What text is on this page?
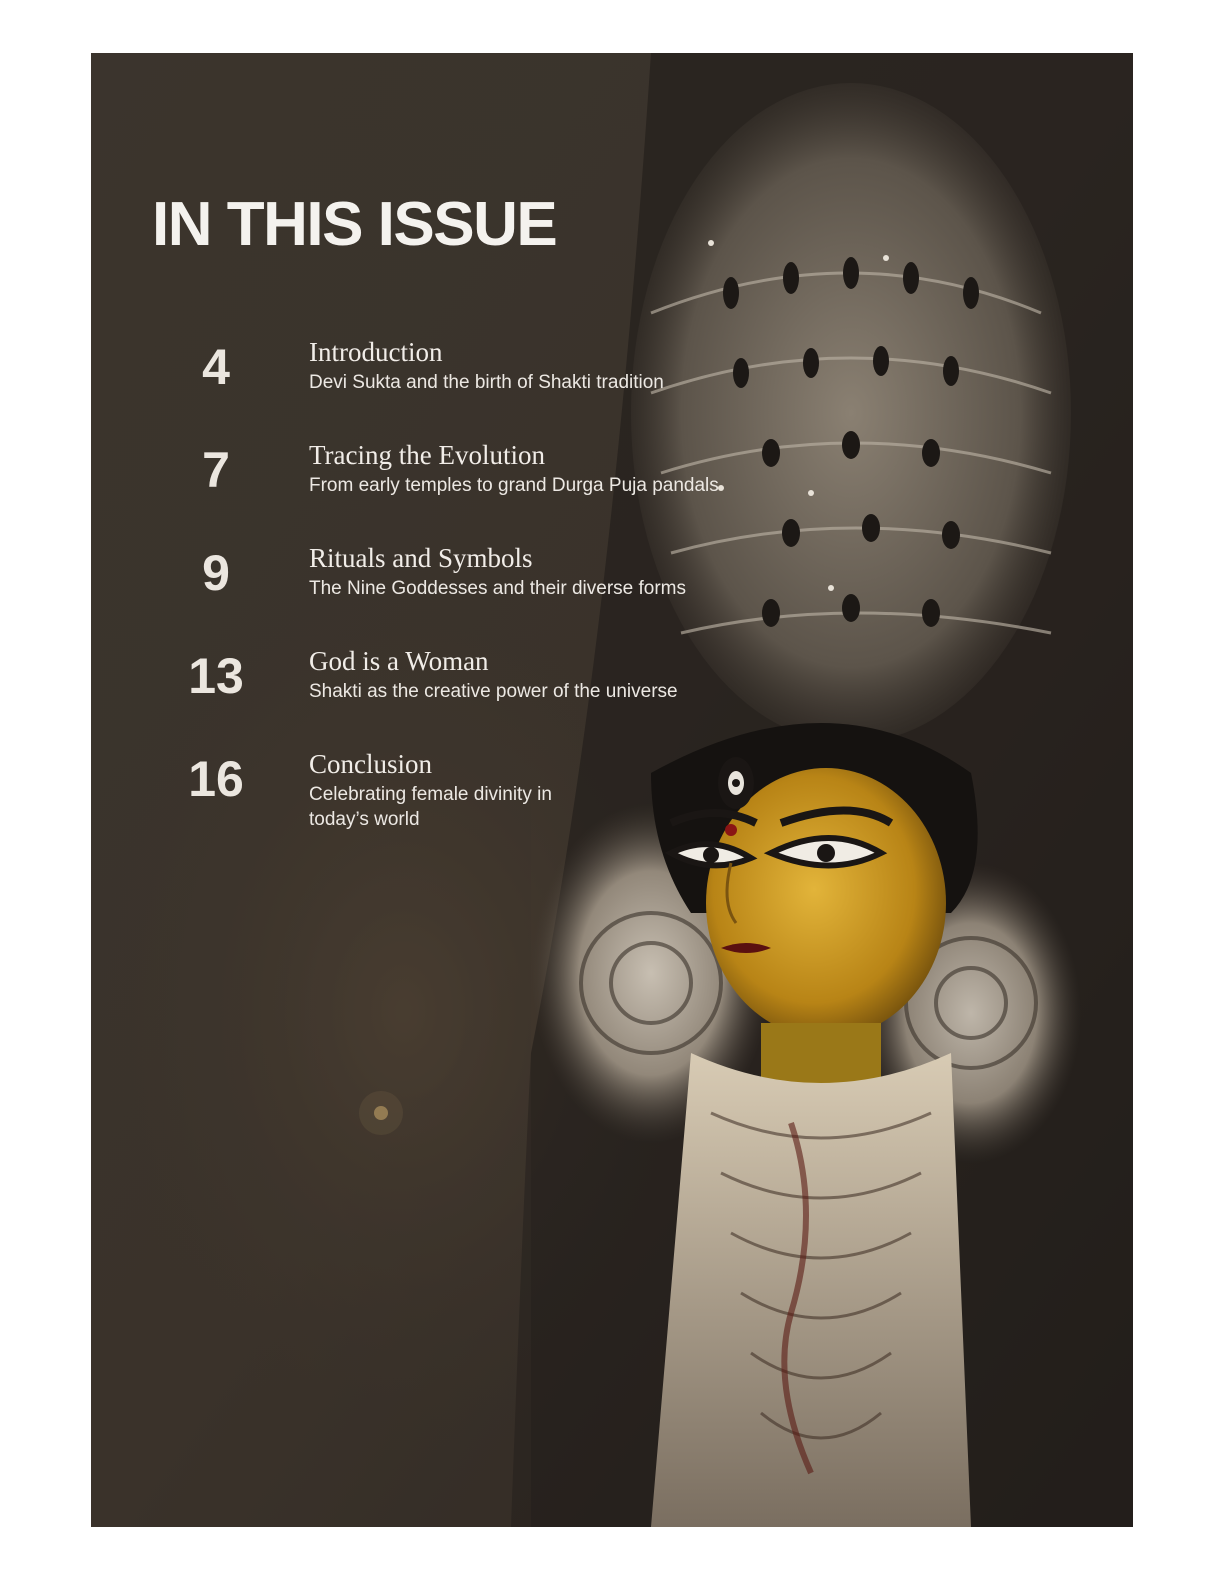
IN THIS ISSUE
4	Introduction
Devi Sukta and the birth of Shakti tradition
7	Tracing the Evolution
From early temples to grand Durga Puja pandals
9	Rituals and Symbols
The Nine Goddesses and their diverse forms
13	God is a Woman
Shakti as the creative power of the universe
16	Conclusion
Celebrating female divinity in today’s world
